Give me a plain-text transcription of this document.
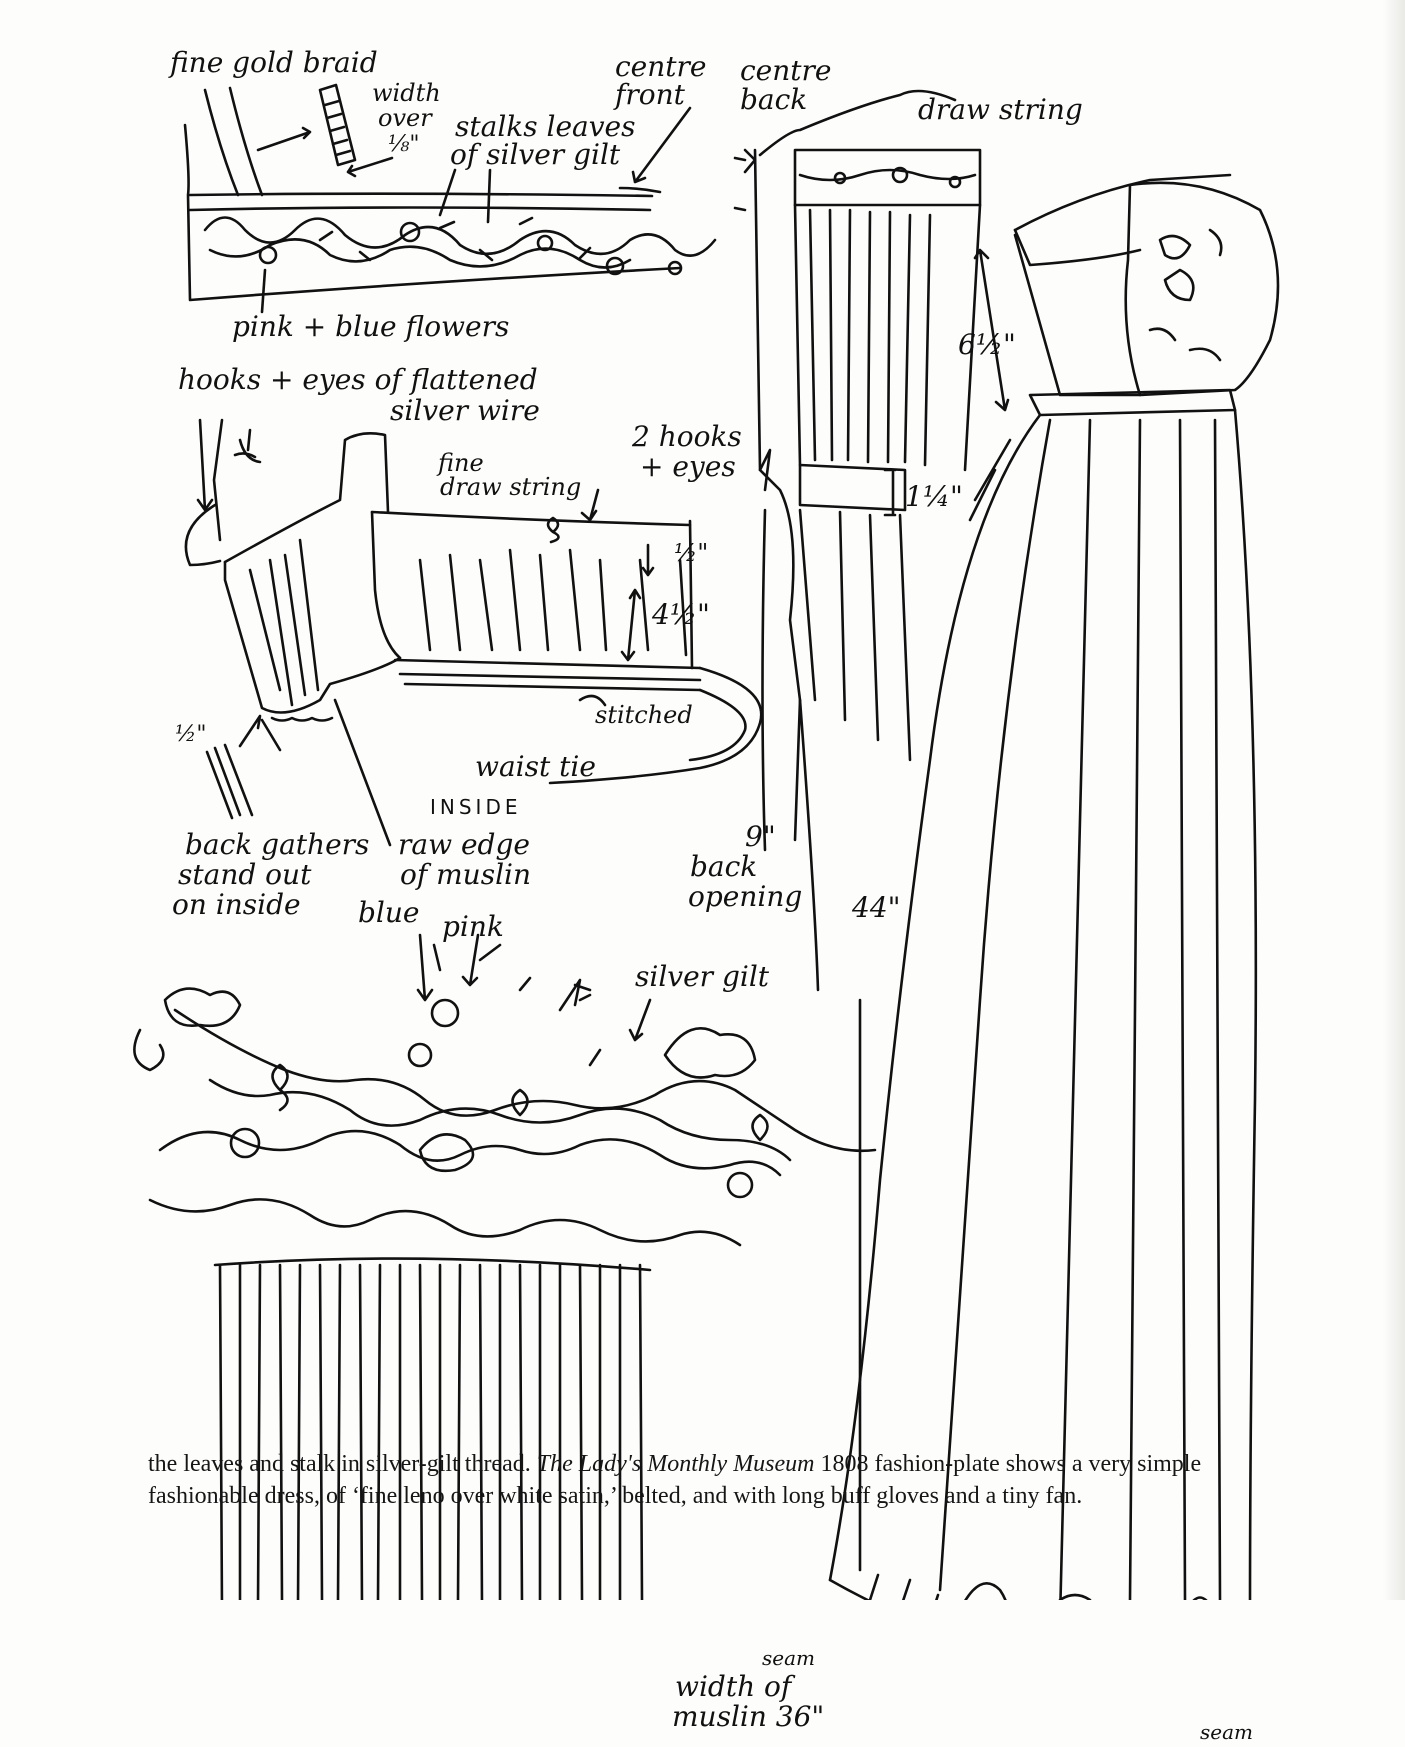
fine gold braid
width
over
⅛"
stalks leaves
of silver gilt
centre
front
centre
back	draw string
pink + blue flowers
hooks + eyes of flattened
silver wire
fine
draw string
2 hooks
+ eyes
½"
4½"
6½"
1¼"
stitched
waist tie
INSIDE
½"
back gathers
stand out
on inside
raw edge
of muslin
9"
back
opening 44"
blue pink
silver gilt
seam
seam
width of
muslin 36"
the leaves and stalk in silver-gilt thread. The Lady's Monthly Museum 1808 fashion-plate shows a very simple fashionable dress, of ‘fine leno over white satin,’ belted, and with long buff gloves and a tiny fan.
